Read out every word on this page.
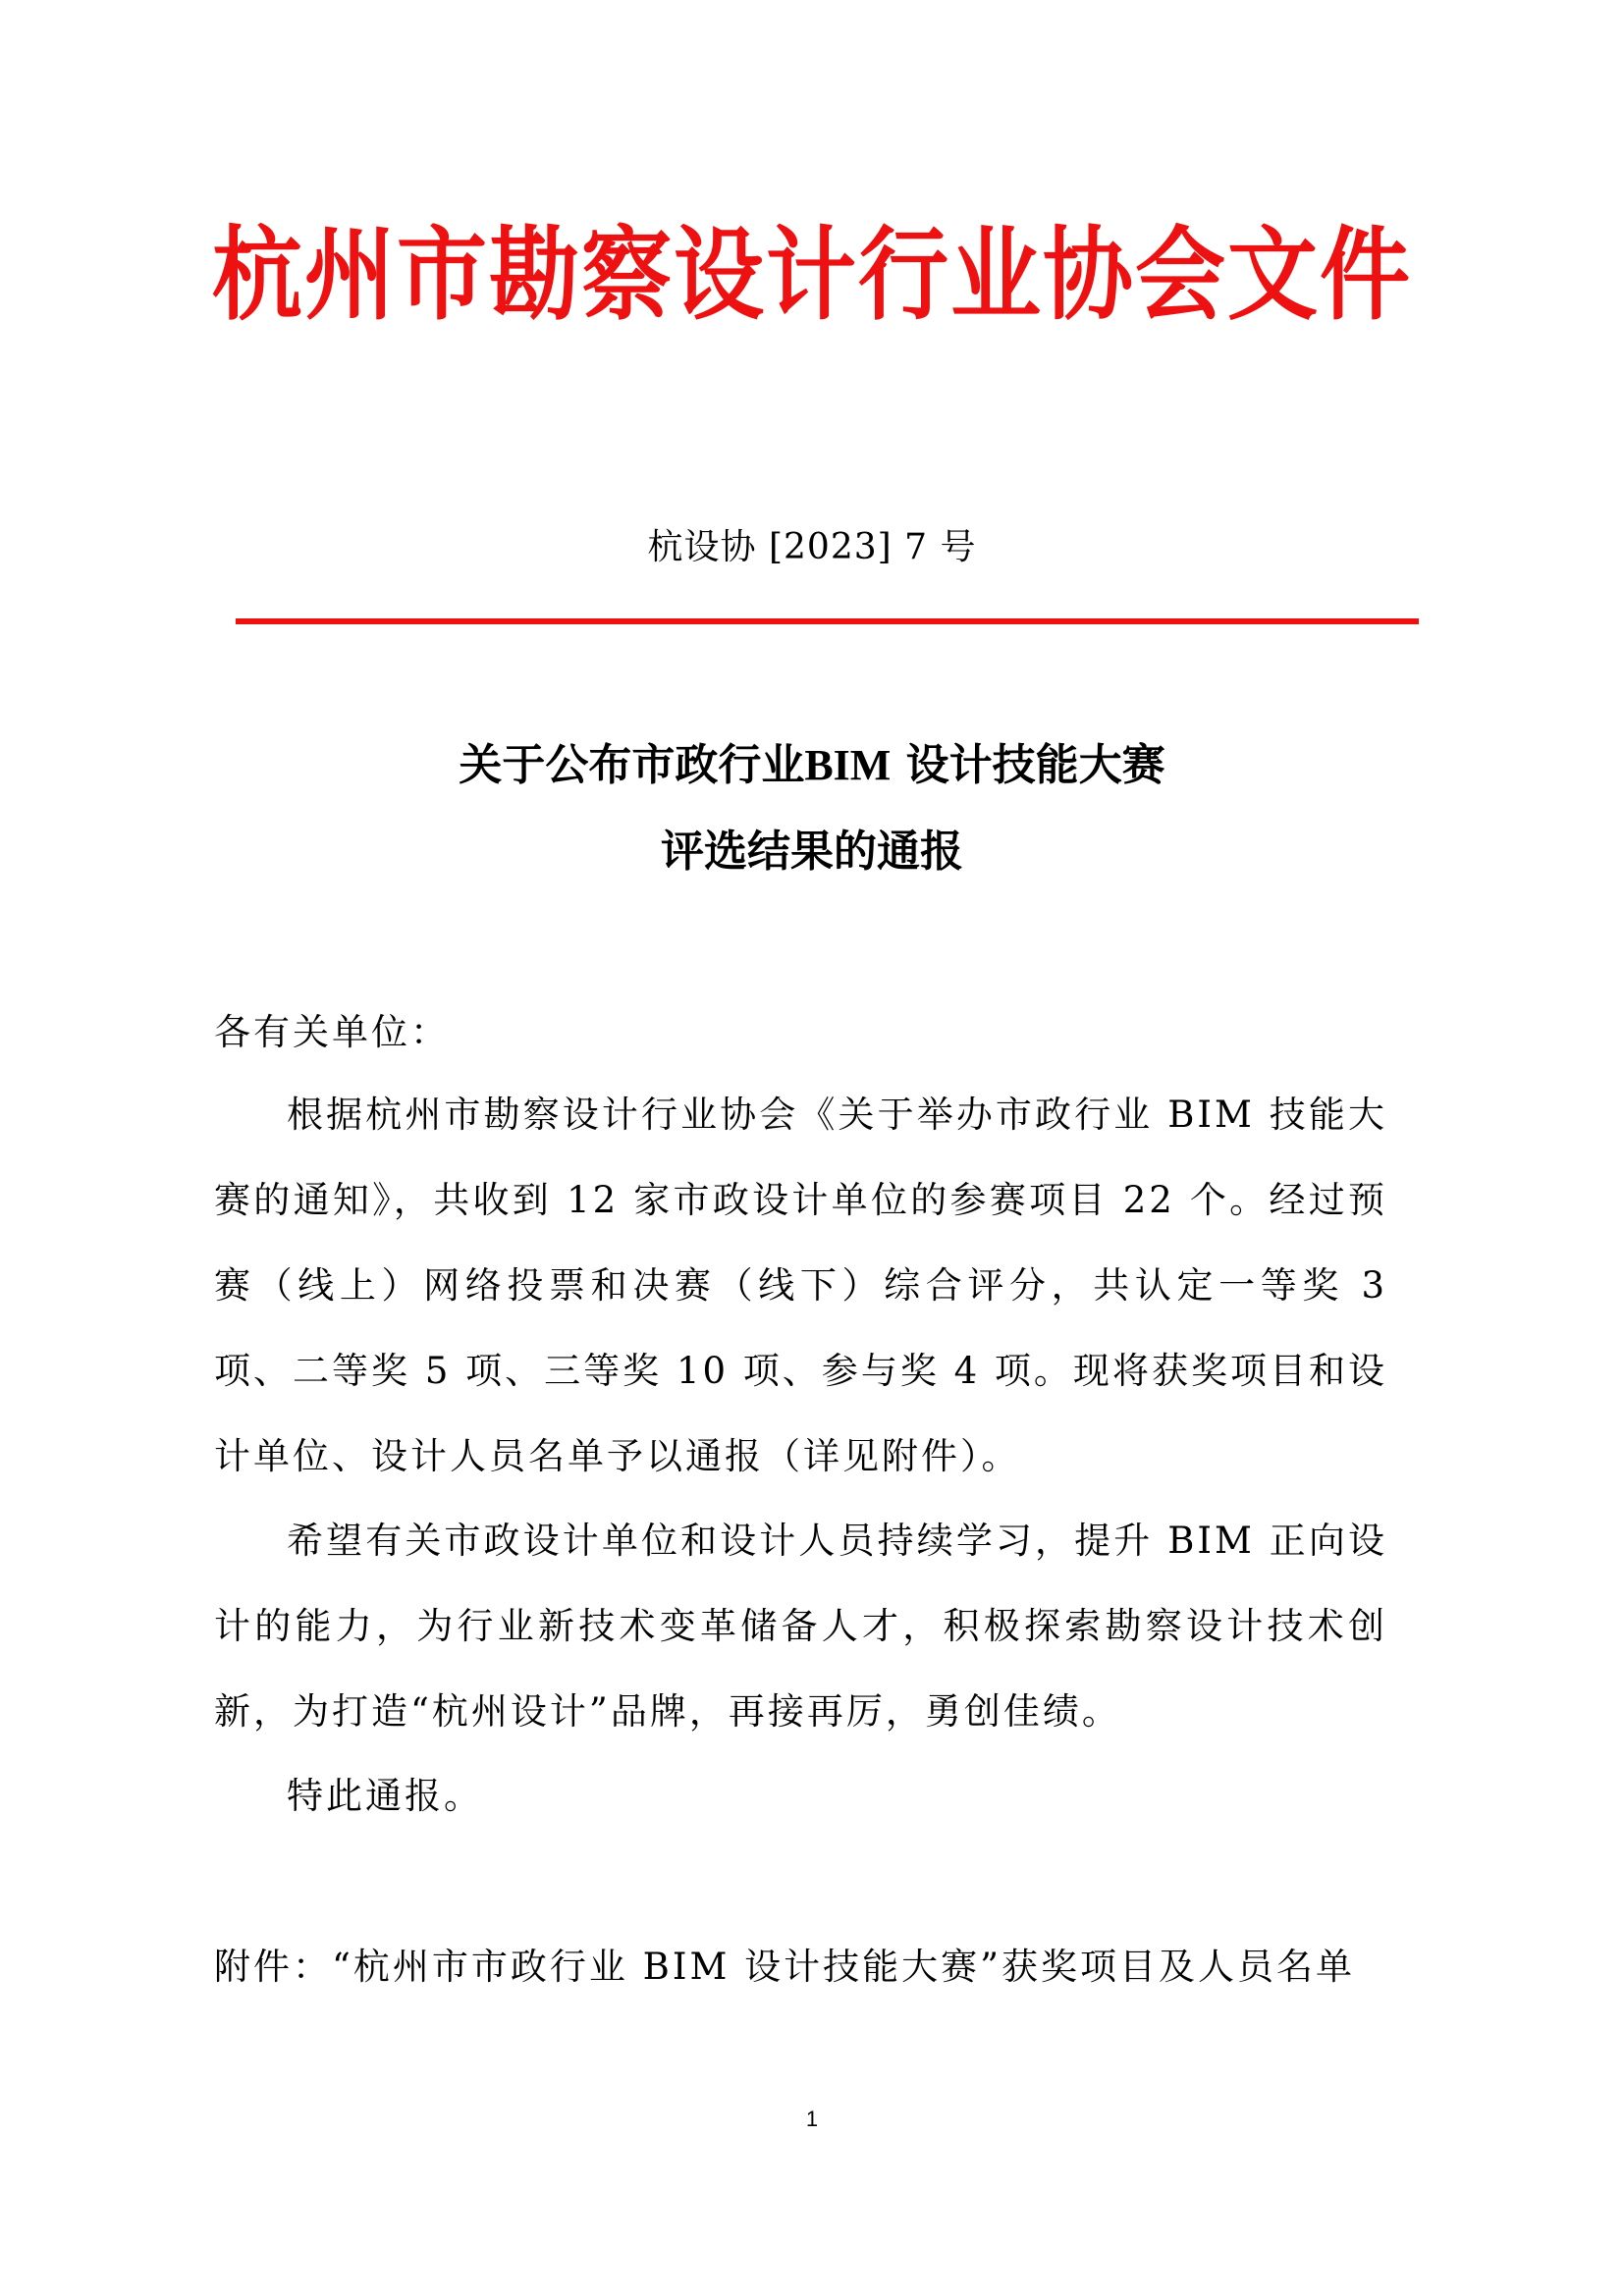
杭州市勘察设计行业协会文件
杭设协 [2023] 7 号
关于公布市政行业BIM 设计技能大赛
评选结果的通报
各有关单位：

根据杭州市勘察设计行业协会《关于举办市政行业 BIM 技能大赛的通知》，共收到 12 家市政设计单位的参赛项目 22 个。经过预赛（线上）网络投票和决赛（线下）综合评分，共认定一等奖 3 项、二等奖 5 项、三等奖 10 项、参与奖 4 项。现将获奖项目和设计单位、设计人员名单予以通报（详见附件）。

希望有关市政设计单位和设计人员持续学习，提升 BIM 正向设计的能力，为行业新技术变革储备人才，积极探索勘察设计技术创新，为打造“杭州设计”品牌，再接再厉，勇创佳绩。

特此通报。

附件：“杭州市市政行业 BIM 设计技能大赛”获奖项目及人员名单
1
